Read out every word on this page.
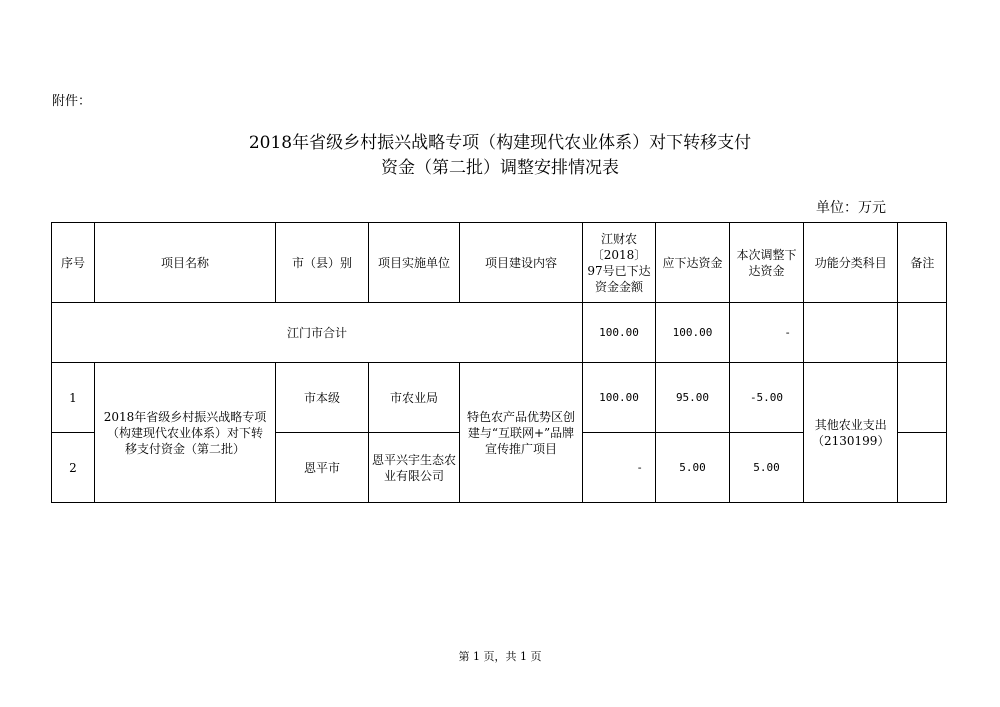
附件：
2018年省级乡村振兴战略专项（构建现代农业体系）对下转移支付
资金（第二批）调整安排情况表
单位：万元
序号	项目名称	市（县）别	项目实施单位	项目建设内容	江财农〔2018〕97号已下达资金金额	应下达资金	本次调整下达资金	功能分类科目	备注
江门市合计					100.00	100.00	-		
1	2018年省级乡村振兴战略专项（构建现代农业体系）对下转移支付资金（第二批）	市本级	市农业局	特色农产品优势区创建与“互联网+”品牌宣传推广项目	100.00	95.00	-5.00	其他农业支出（2130199）	
2		恩平市	恩平兴宇生态农业有限公司		-	5.00	5.00		
第 1 页，共 1 页
